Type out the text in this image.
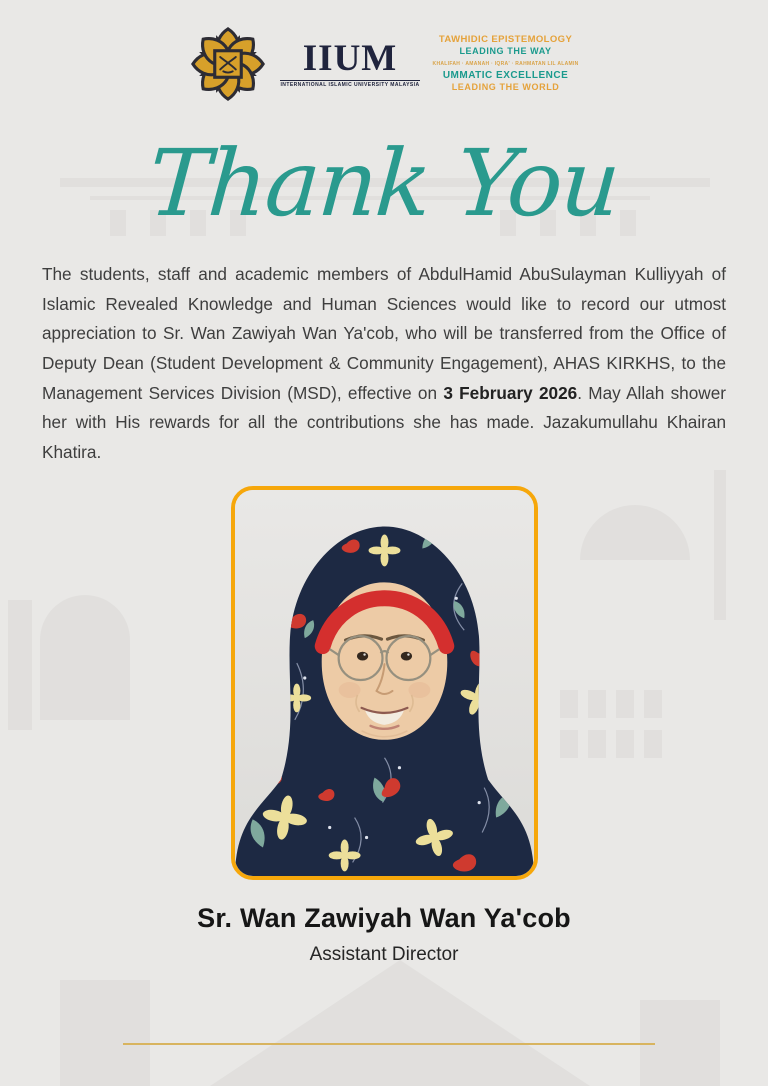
IIUM
INTERNATIONAL ISLAMIC UNIVERSITY MALAYSIA
TAWHIDIC EPISTEMOLOGY
LEADING THE WAY
KHALIFAH · AMANAH · IQRA' · RAHMATAN LIL ALAMIN
UMMATIC EXCELLENCE
LEADING THE WORLD
Thank You

The students, staff and academic members of AbdulHamid AbuSulayman Kulliyyah of Islamic Revealed Knowledge and Human Sciences would like to record our utmost appreciation to Sr. Wan Zawiyah Wan Ya'cob, who will be transferred from the Office of Deputy Dean (Student Development & Community Engagement), AHAS KIRKHS, to the Management Services Division (MSD), effective on 3 February 2026. May Allah shower her with His rewards for all the contributions she has made. Jazakumullahu Khairan Khatira.

Sr. Wan Zawiyah Wan Ya'cob
Assistant Director
